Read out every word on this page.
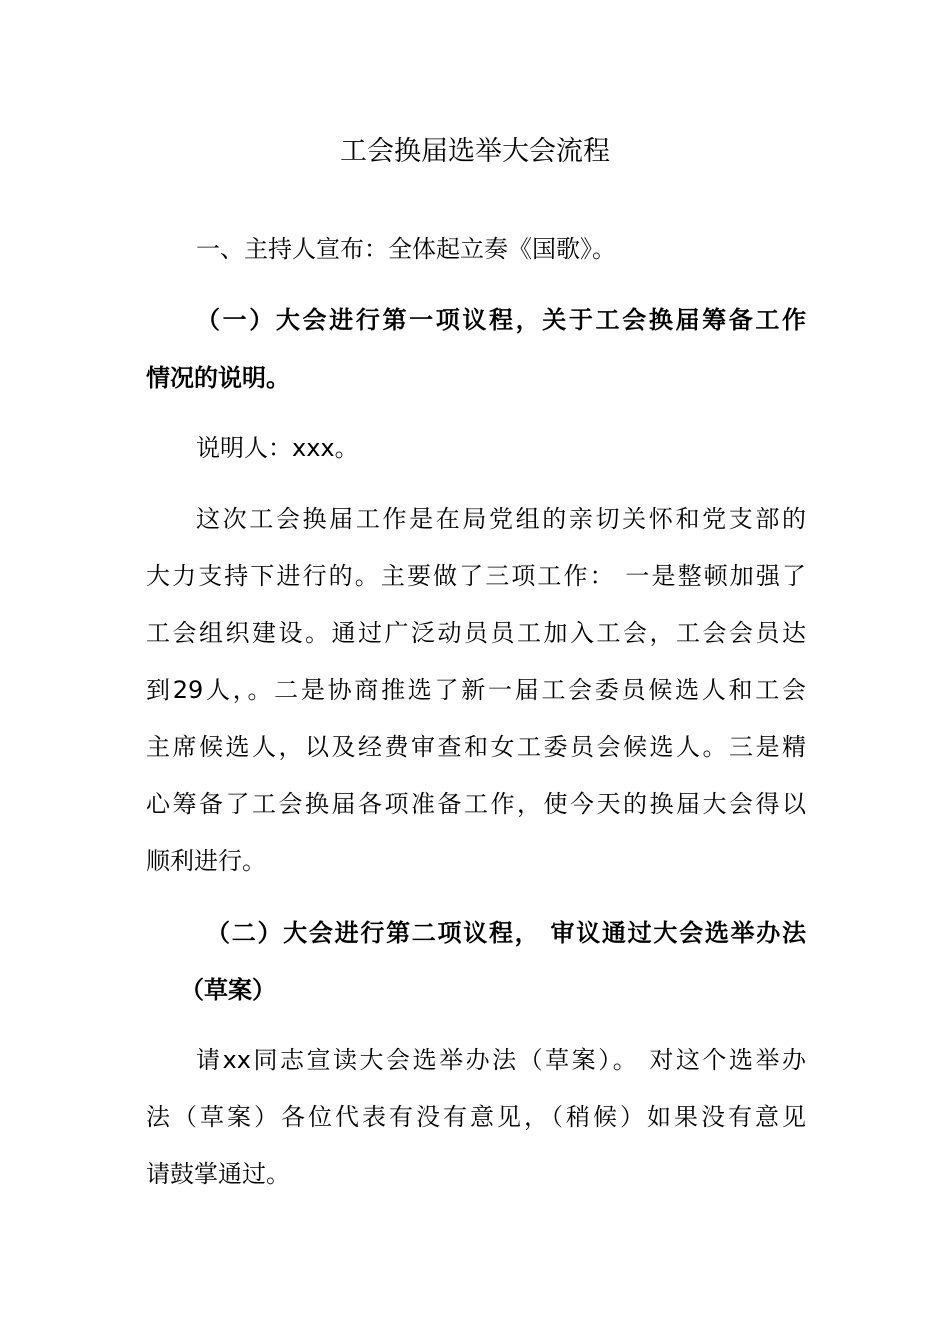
工会换届选举大会流程
一、主持人宣布：全体起立奏《国歌》。
（一）大会进行第一项议程，关于工会换届筹备工作
情况的说明。
说明人：xxx。
这次工会换届工作是在局党组的亲切关怀和党支部的
大力支持下进行的。主要做了三项工作： 一是整顿加强了
工会组织建设。通过广泛动员员工加入工会，工会会员达
到29人，。二是协商推选了新一届工会委员候选人和工会
主席候选人，以及经费审查和女工委员会候选人。三是精
心筹备了工会换届各项准备工作，使今天的换届大会得以
顺利进行。
（二）大会进行第二项议程， 审议通过大会选举办法
（草案）
请xx同志宣读大会选举办法（草案）。 对这个选举办
法（草案）各位代表有没有意见，（稍候）如果没有意见
请鼓掌通过。
